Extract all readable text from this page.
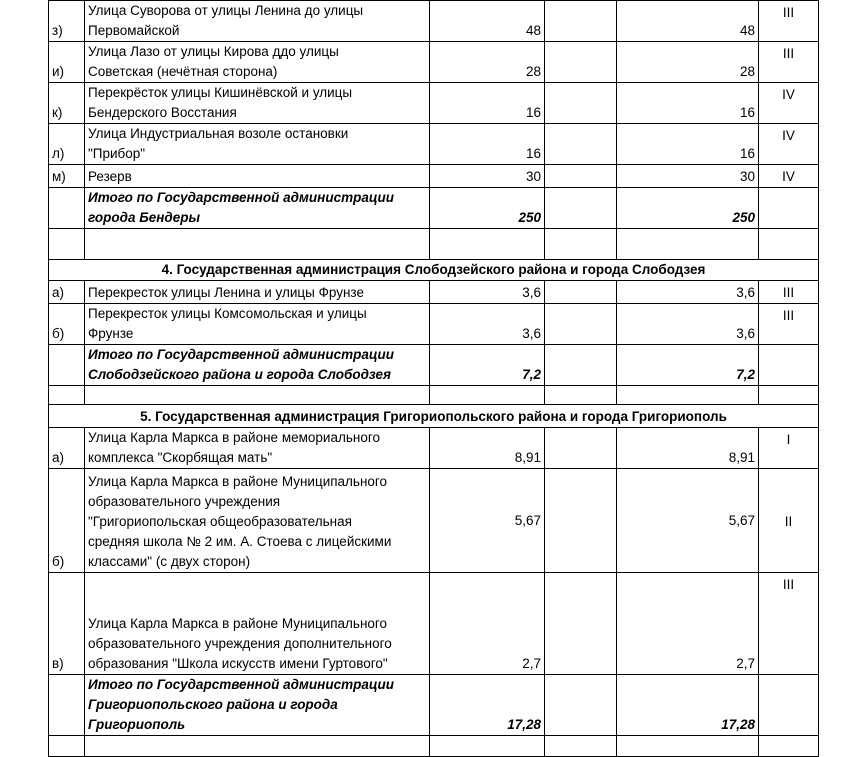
з)	Улица Суворова от улицы Ленина до улицы
Первомайской	48		48	III
и)	Улица Лазо от улицы Кирова ддо улицы
Советская (нечётная сторона)	28		28	III
к)	Перекрёсток улицы Кишинёвской и улицы
Бендерского Восстания	16		16	IV
л)	Улица Индустриальная возоле остановки
"Прибор"	16		16	IV
м)	Резерв	30		30	IV
	Итого по Государственной администрации
города Бендеры	250		250	

4. Государственная администрация Слободзейского района и города Слободзея					
а)	Перекресток улицы Ленина и улицы Фрунзе	3,6		3,6	III
б)	Перекресток улицы Комсомольская и улицы
Фрунзе	3,6		3,6	III
	Итого по Государственной администрации
Слободзейского района и города Слободзея	7,2		7,2	

5. Государственная администрация Григориопольского района и города Григориополь					
а)	Улица Карла Маркса в районе мемориального
комплекса "Скорбящая мать"	8,91		8,91	I
б)	Улица Карла Маркса в районе Муниципального
образовательного учреждения
"Григориопольская общеобразовательная
средняя школа № 2 им. А. Стоева с лицейскими
классами" (с двух сторон)	5,67		5,67	II
в)	Улица Карла Маркса в районе Муниципального
образовательного учреждения дополнительного
образования "Школа искусств имени Гуртового"	2,7		2,7	III
	Итого по Государственной администрации
Григориопольского района и города
Григориополь	17,28		17,28	
